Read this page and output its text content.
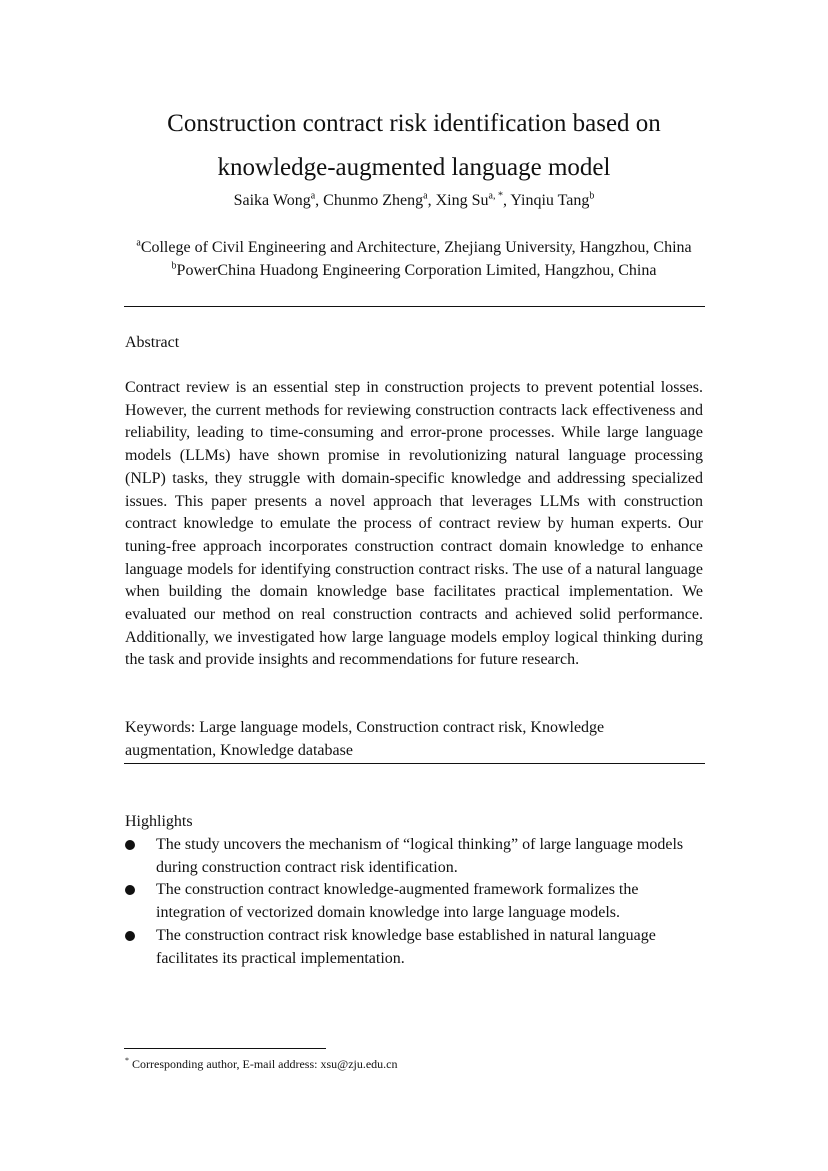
Construction contract risk identification based on
knowledge-augmented language model
Saika Wong$^a$, Chunmo Zheng$^a$, Xing $Su^{a, *}$, Yinqiu Tang$^b$
$^a$College of Civil Engineering and Architecture, Zhejiang University, Hangzhou, China
$^b$PowerChina Huadong Engineering Corporation Limited, Hangzhou, China
Abstract

Contract review is an essential step in construction projects to prevent potential losses. However, the current methods for reviewing construction contracts lack effectiveness and reliability, leading to time-consuming and error-prone processes. While large language models (LLMs) have shown promise in revolutionizing natural language processing (NLP) tasks, they struggle with domain-specific knowledge and addressing specialized issues. This paper presents a novel approach that leverages LLMs with construction contract knowledge to emulate the process of contract review by human experts. Our tuning-free approach incorporates construction contract domain knowledge to enhance language models for identifying construction contract risks. The use of a natural language when building the domain knowledge base facilitates practical implementation. We evaluated our method on real construction contracts and achieved solid performance. Additionally, we investigated how large language models employ logical thinking during the task and provide insights and recommendations for future research.

Keywords: Large language models, Construction contract risk, Knowledge augmentation, Knowledge database

Highlights
The study uncovers the mechanism of “logical thinking” of large language models during construction contract risk identification.
The construction contract knowledge-augmented framework formalizes the integration of vectorized domain knowledge into large language models.
The construction contract risk knowledge base established in natural language facilitates its practical implementation.
* Corresponding author, E-mail address: xsu@zju.edu.cn
